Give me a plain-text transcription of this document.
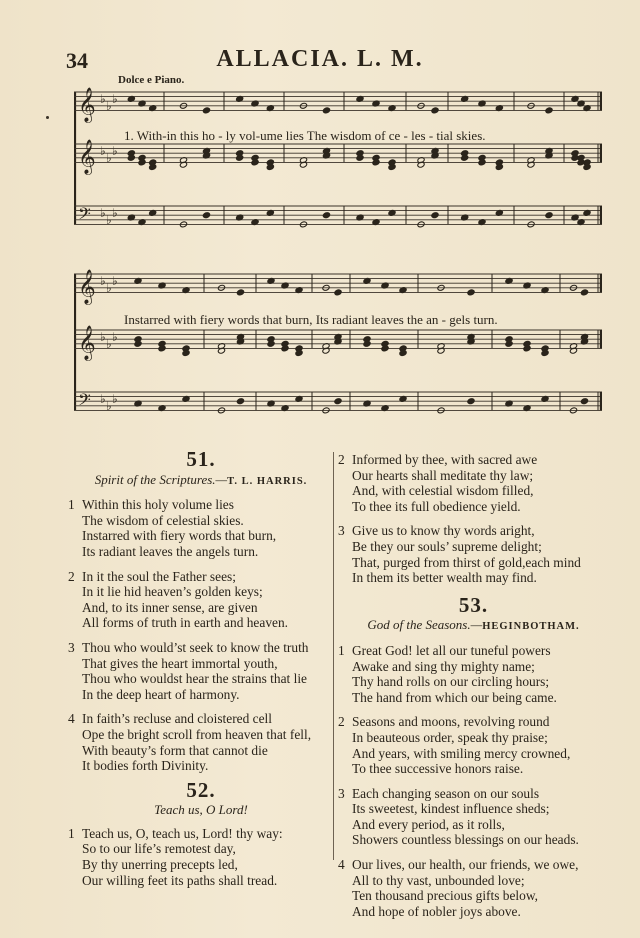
34	ALLACIA. L. M.
Dolce e Piano.
𝄞 ♭ ♭ ♭
𝄞 ♭ ♭ ♭
𝄢 ♭ ♭ ♭
1. With-in this ho - ly vol-ume lies The wisdom of ce - les - tial skies.
𝄞 ♭ ♭ ♭
𝄞 ♭ ♭ ♭
𝄢 ♭ ♭ ♭
Instarred with fiery words that burn, Its radiant leaves the an - gels turn.
51.
Spirit of the Scriptures.—T. L. HARRIS.
1 Within this holy volume lies
The wisdom of celestial skies.
Instarred with fiery words that burn,
Its radiant leaves the angels turn.
2 In it the soul the Father sees;
In it lie hid heaven’s golden keys;
And, to its inner sense, are given
All forms of truth in earth and heaven.
3 Thou who would’st seek to know the truth
That gives the heart immortal youth,
Thou who wouldst hear the strains that lie
In the deep heart of harmony.
4 In faith’s recluse and cloistered cell
Ope the bright scroll from heaven that fell,
With beauty’s form that cannot die
It bodies forth Divinity.
52.
Teach us, O Lord!
1 Teach us, O, teach us, Lord! thy way:
So to our life’s remotest day,
By thy unerring precepts led,
Our willing feet its paths shall tread.
2 Informed by thee, with sacred awe
Our hearts shall meditate thy law;
And, with celestial wisdom filled,
To thee its full obedience yield.
3 Give us to know thy words aright,
Be they our souls’ supreme delight;
That, purged from thirst of gold,each mind
In them its better wealth may find.
53.
God of the Seasons.—HEGINBOTHAM.
1 Great God! let all our tuneful powers
Awake and sing thy mighty name;
Thy hand rolls on our circling hours;
The hand from which our being came.
2 Seasons and moons, revolving round
In beauteous order, speak thy praise;
And years, with smiling mercy crowned,
To thee successive honors raise.
3 Each changing season on our souls
Its sweetest, kindest influence sheds;
And every period, as it rolls,
Showers countless blessings on our heads.
4 Our lives, our health, our friends, we owe,
All to thy vast, unbounded love;
Ten thousand precious gifts below,
And hope of nobler joys above.
